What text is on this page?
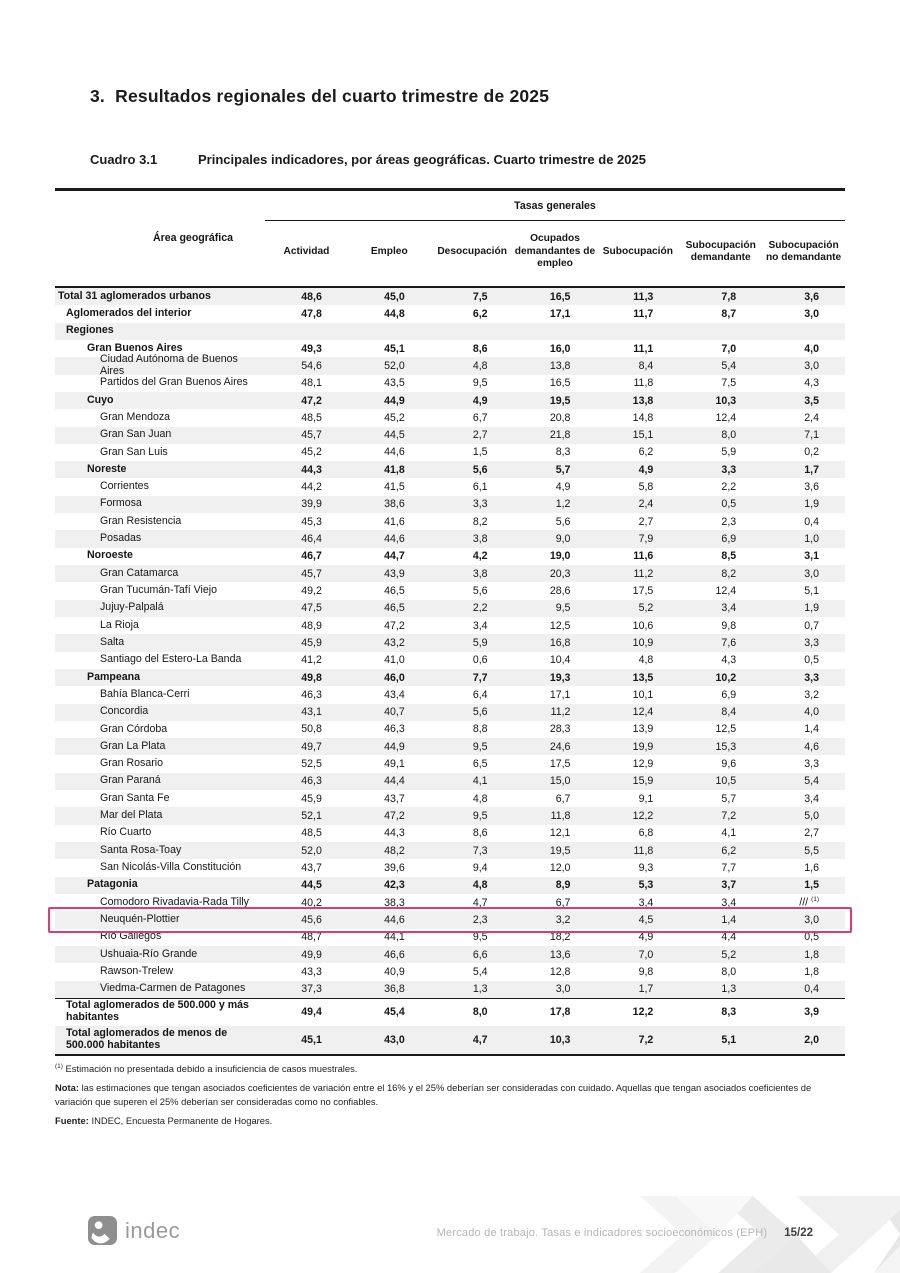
3.  Resultados regionales del cuarto trimestre de 2025
Cuadro 3.1	Principales indicadores, por áreas geográficas. Cuarto trimestre de 2025
Área geográfica
Tasas generales
Actividad	Empleo	Desocupación
Ocupados demandantes de empleo
Subocupación
Subocupación demandante
Subocupación no demandante
Total 31 aglomerados urbanos	48,6	45,0	7,5	16,5	11,3	7,8	3,6
Aglomerados del interior	47,8	44,8	6,2	17,1	11,7	8,7	3,0
Regiones
Gran Buenos Aires	49,3	45,1	8,6	16,0	11,1	7,0	4,0
Ciudad Autónoma de Buenos Aires	54,6	52,0	4,8	13,8	8,4	5,4	3,0
Partidos del Gran Buenos Aires	48,1	43,5	9,5	16,5	11,8	7,5	4,3
Cuyo	47,2	44,9	4,9	19,5	13,8	10,3	3,5
Gran Mendoza	48,5	45,2	6,7	20,8	14,8	12,4	2,4
Gran San Juan	45,7	44,5	2,7	21,8	15,1	8,0	7,1
Gran San Luis	45,2	44,6	1,5	8,3	6,2	5,9	0,2
Noreste	44,3	41,8	5,6	5,7	4,9	3,3	1,7
Corrientes	44,2	41,5	6,1	4,9	5,8	2,2	3,6
Formosa	39,9	38,6	3,3	1,2	2,4	0,5	1,9
Gran Resistencia	45,3	41,6	8,2	5,6	2,7	2,3	0,4
Posadas	46,4	44,6	3,8	9,0	7,9	6,9	1,0
Noroeste	46,7	44,7	4,2	19,0	11,6	8,5	3,1
Gran Catamarca	45,7	43,9	3,8	20,3	11,2	8,2	3,0
Gran Tucumán-Tafí Viejo	49,2	46,5	5,6	28,6	17,5	12,4	5,1
Jujuy-Palpalá	47,5	46,5	2,2	9,5	5,2	3,4	1,9
La Rioja	48,9	47,2	3,4	12,5	10,6	9,8	0,7
Salta	45,9	43,2	5,9	16,8	10,9	7,6	3,3
Santiago del Estero-La Banda	41,2	41,0	0,6	10,4	4,8	4,3	0,5
Pampeana	49,8	46,0	7,7	19,3	13,5	10,2	3,3
Bahía Blanca-Cerri	46,3	43,4	6,4	17,1	10,1	6,9	3,2
Concordia	43,1	40,7	5,6	11,2	12,4	8,4	4,0
Gran Córdoba	50,8	46,3	8,8	28,3	13,9	12,5	1,4
Gran La Plata	49,7	44,9	9,5	24,6	19,9	15,3	4,6
Gran Rosario	52,5	49,1	6,5	17,5	12,9	9,6	3,3
Gran Paraná	46,3	44,4	4,1	15,0	15,9	10,5	5,4
Gran Santa Fe	45,9	43,7	4,8	6,7	9,1	5,7	3,4
Mar del Plata	52,1	47,2	9,5	11,8	12,2	7,2	5,0
Río Cuarto	48,5	44,3	8,6	12,1	6,8	4,1	2,7
Santa Rosa-Toay	52,0	48,2	7,3	19,5	11,8	6,2	5,5
San Nicolás-Villa Constitución	43,7	39,6	9,4	12,0	9,3	7,7	1,6
Patagonia	44,5	42,3	4,8	8,9	5,3	3,7	1,5
Comodoro Rivadavia-Rada Tilly	40,2	38,3	4,7	6,7	3,4	3,4	/// $^{(1)}$
Neuquén-Plottier	45,6	44,6	2,3	3,2	4,5	1,4	3,0
Río Gallegos	48,7	44,1	9,5	18,2	4,9	4,4	0,5
Ushuaia-Río Grande	49,9	46,6	6,6	13,6	7,0	5,2	1,8
Rawson-Trelew	43,3	40,9	5,4	12,8	9,8	8,0	1,8
Viedma-Carmen de Patagones	37,3	36,8	1,3	3,0	1,7	1,3	0,4
Total aglomerados de 500.000 y más habitantes	49,4	45,4	8,0	17,8	12,2	8,3	3,9
Total aglomerados de menos de 500.000 habitantes	45,1	43,0	4,7	10,3	7,2	5,1	2,0
$^{(1)}$ Estimación no presentada debido a insuficiencia de casos muestrales.
Nota: las estimaciones que tengan asociados coeficientes de variación entre el 16% y el 25% deberían ser consideradas con cuidado. Aquellas que tengan asociados coeficientes de variación que superen el 25% deberían ser consideradas como no confiables.
Fuente: INDEC, Encuesta Permanente de Hogares.
indec	Mercado de trabajo. Tasas e indicadores socioeconómicos (EPH) 15/22
